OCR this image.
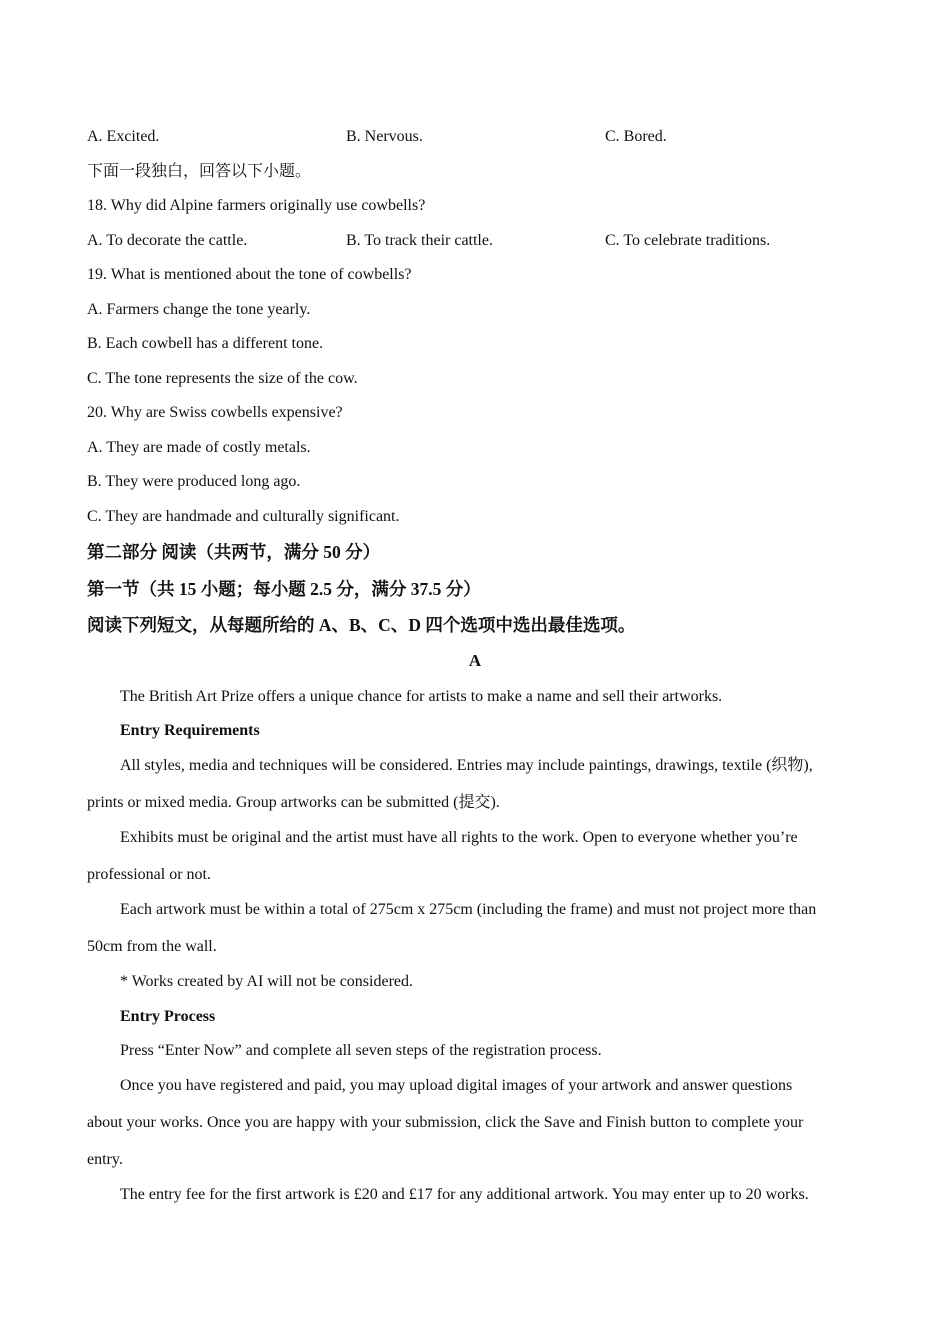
A. Excited.	B. Nervous.	C. Bored.
下面一段独白，回答以下小题。
18. Why did Alpine farmers originally use cowbells?
A. To decorate the cattle.	B. To track their cattle.	C. To celebrate traditions.
19. What is mentioned about the tone of cowbells?
A. Farmers change the tone yearly.
B. Each cowbell has a different tone.
C. The tone represents the size of the cow.
20. Why are Swiss cowbells expensive?
A. They are made of costly metals.
B. They were produced long ago.
C. They are handmade and culturally significant.
第二部分 阅读（共两节，满分 50 分）
第一节（共 15 小题；每小题 2.5 分，满分 37.5 分）
阅读下列短文，从每题所给的 A、B、C、D 四个选项中选出最佳选项。
A
The British Art Prize offers a unique chance for artists to make a name and sell their artworks.
Entry Requirements
All styles, media and techniques will be considered. Entries may include paintings, drawings, textile (织物),
prints or mixed media. Group artworks can be submitted (提交).
Exhibits must be original and the artist must have all rights to the work. Open to everyone whether you’re
professional or not.
Each artwork must be within a total of 275cm x 275cm (including the frame) and must not project more than
50cm from the wall.
* Works created by AI will not be considered.
Entry Process
Press “Enter Now” and complete all seven steps of the registration process.
Once you have registered and paid, you may upload digital images of your artwork and answer questions
about your works. Once you are happy with your submission, click the Save and Finish button to complete your
entry.
The entry fee for the first artwork is £20 and £17 for any additional artwork. You may enter up to 20 works.
